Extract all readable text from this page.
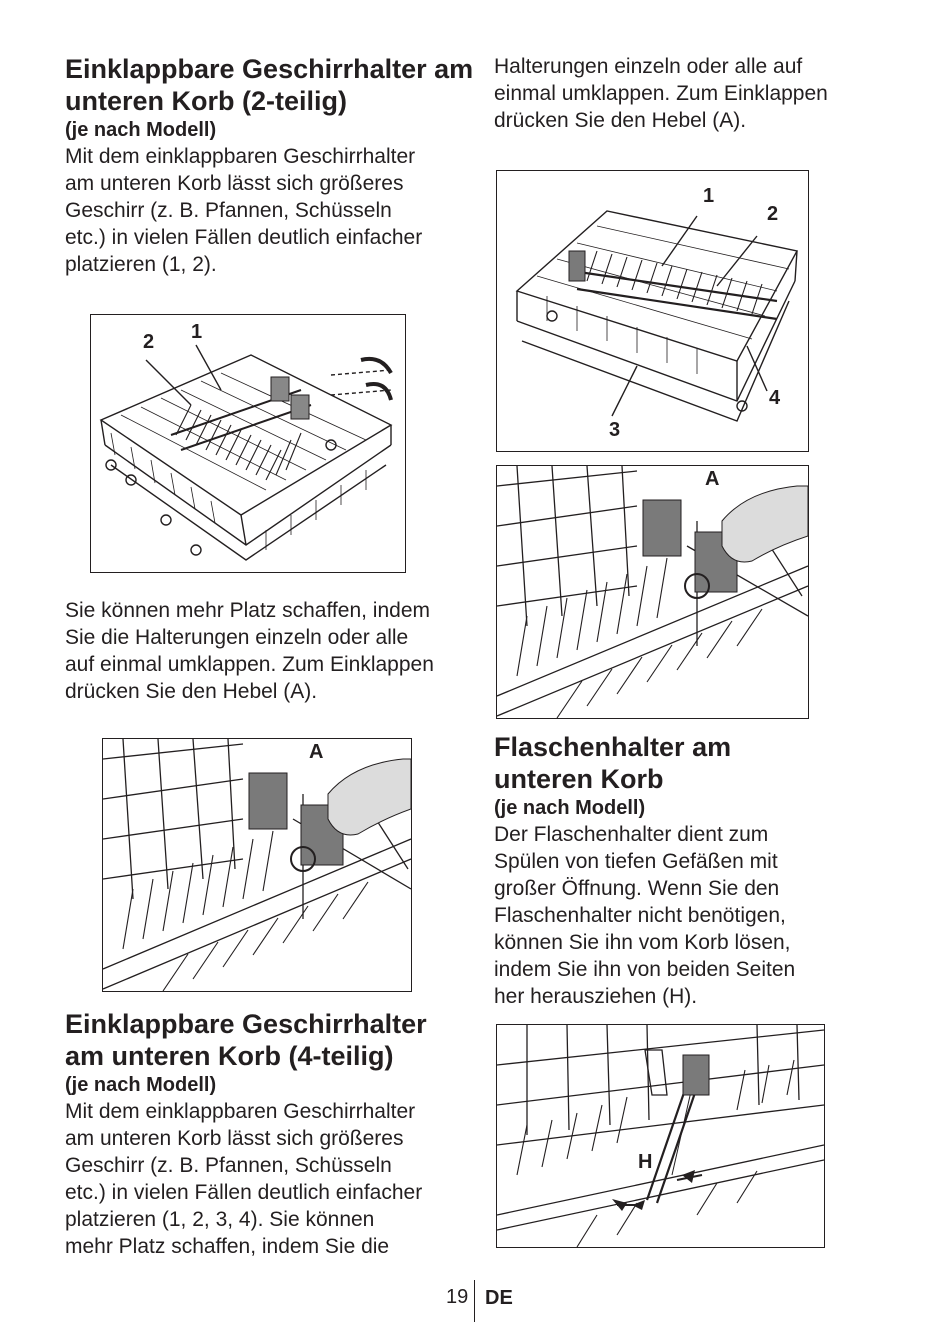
Einklappbare Geschirrhalter am
unteren Korb (2-teilig)
(je nach Modell)
Mit dem einklappbaren Geschirrhalter
am unteren Korb lässt sich größeres
Geschirr (z. B. Pfannen, Schüsseln
etc.) in vielen Fällen deutlich einfacher
platzieren (1, 2).
2 1
Sie können mehr Platz schaffen, indem
Sie die Halterungen einzeln oder alle
auf einmal umklappen. Zum Einklappen
drücken Sie den Hebel (A).
A
Einklappbare Geschirrhalter
am unteren Korb (4-teilig)
(je nach Modell)
Mit dem einklappbaren Geschirrhalter
am unteren Korb lässt sich größeres
Geschirr (z. B. Pfannen, Schüsseln
etc.) in vielen Fällen deutlich einfacher
platzieren (1, 2, 3, 4). Sie können
mehr Platz schaffen, indem Sie die
Halterungen einzeln oder alle auf
einmal umklappen. Zum Einklappen
drücken Sie den Hebel (A).
1
2
3
4
A
Flaschenhalter am
unteren Korb
(je nach Modell)
Der Flaschenhalter dient zum
Spülen von tiefen Gefäßen mit
großer Öffnung. Wenn Sie den
Flaschenhalter nicht benötigen,
können Sie ihn vom Korb lösen,
indem Sie ihn von beiden Seiten
her herausziehen (H).
H
19 DE
